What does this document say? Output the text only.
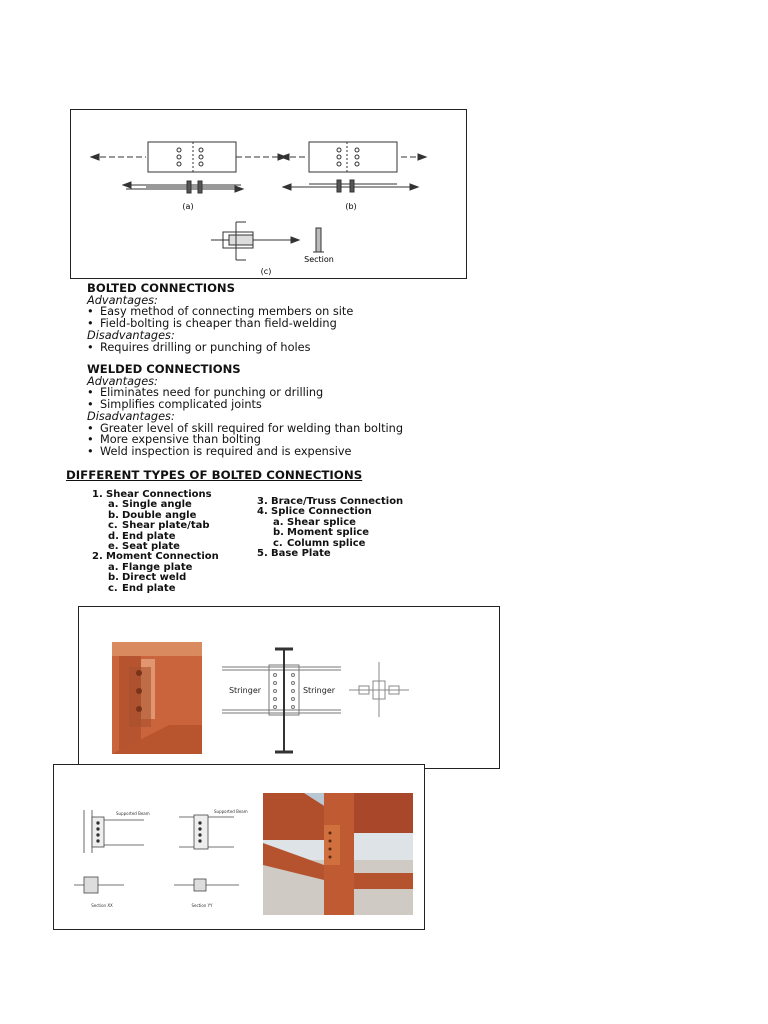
(a)	(b)
(c)
Section
BOLTED CONNECTIONS
Advantages:
• Easy method of connecting members on site
• Field-bolting is cheaper than field-welding
Disadvantages:
• Requires drilling or punching of holes
WELDED CONNECTIONS
Advantages:
• Eliminates need for punching or drilling
• Simplifies complicated joints
Disadvantages:
• Greater level of skill required for welding than bolting
• More expensive than bolting
• Weld inspection is required and is expensive
DIFFERENT TYPES OF BOLTED CONNECTIONS
1. Shear Connections
a. Single angle
b. Double angle
c. Shear plate/tab
d. End plate
e. Seat plate
2. Moment Connection
a. Flange plate
b. Direct weld
c. End plate
3. Brace/Truss Connection
4. Splice Connection
a. Shear splice
b. Moment splice
c. Column splice
5. Base Plate
Stringer	Stringer
Supported Beam	Supported Beam
Section XX	Section YY
